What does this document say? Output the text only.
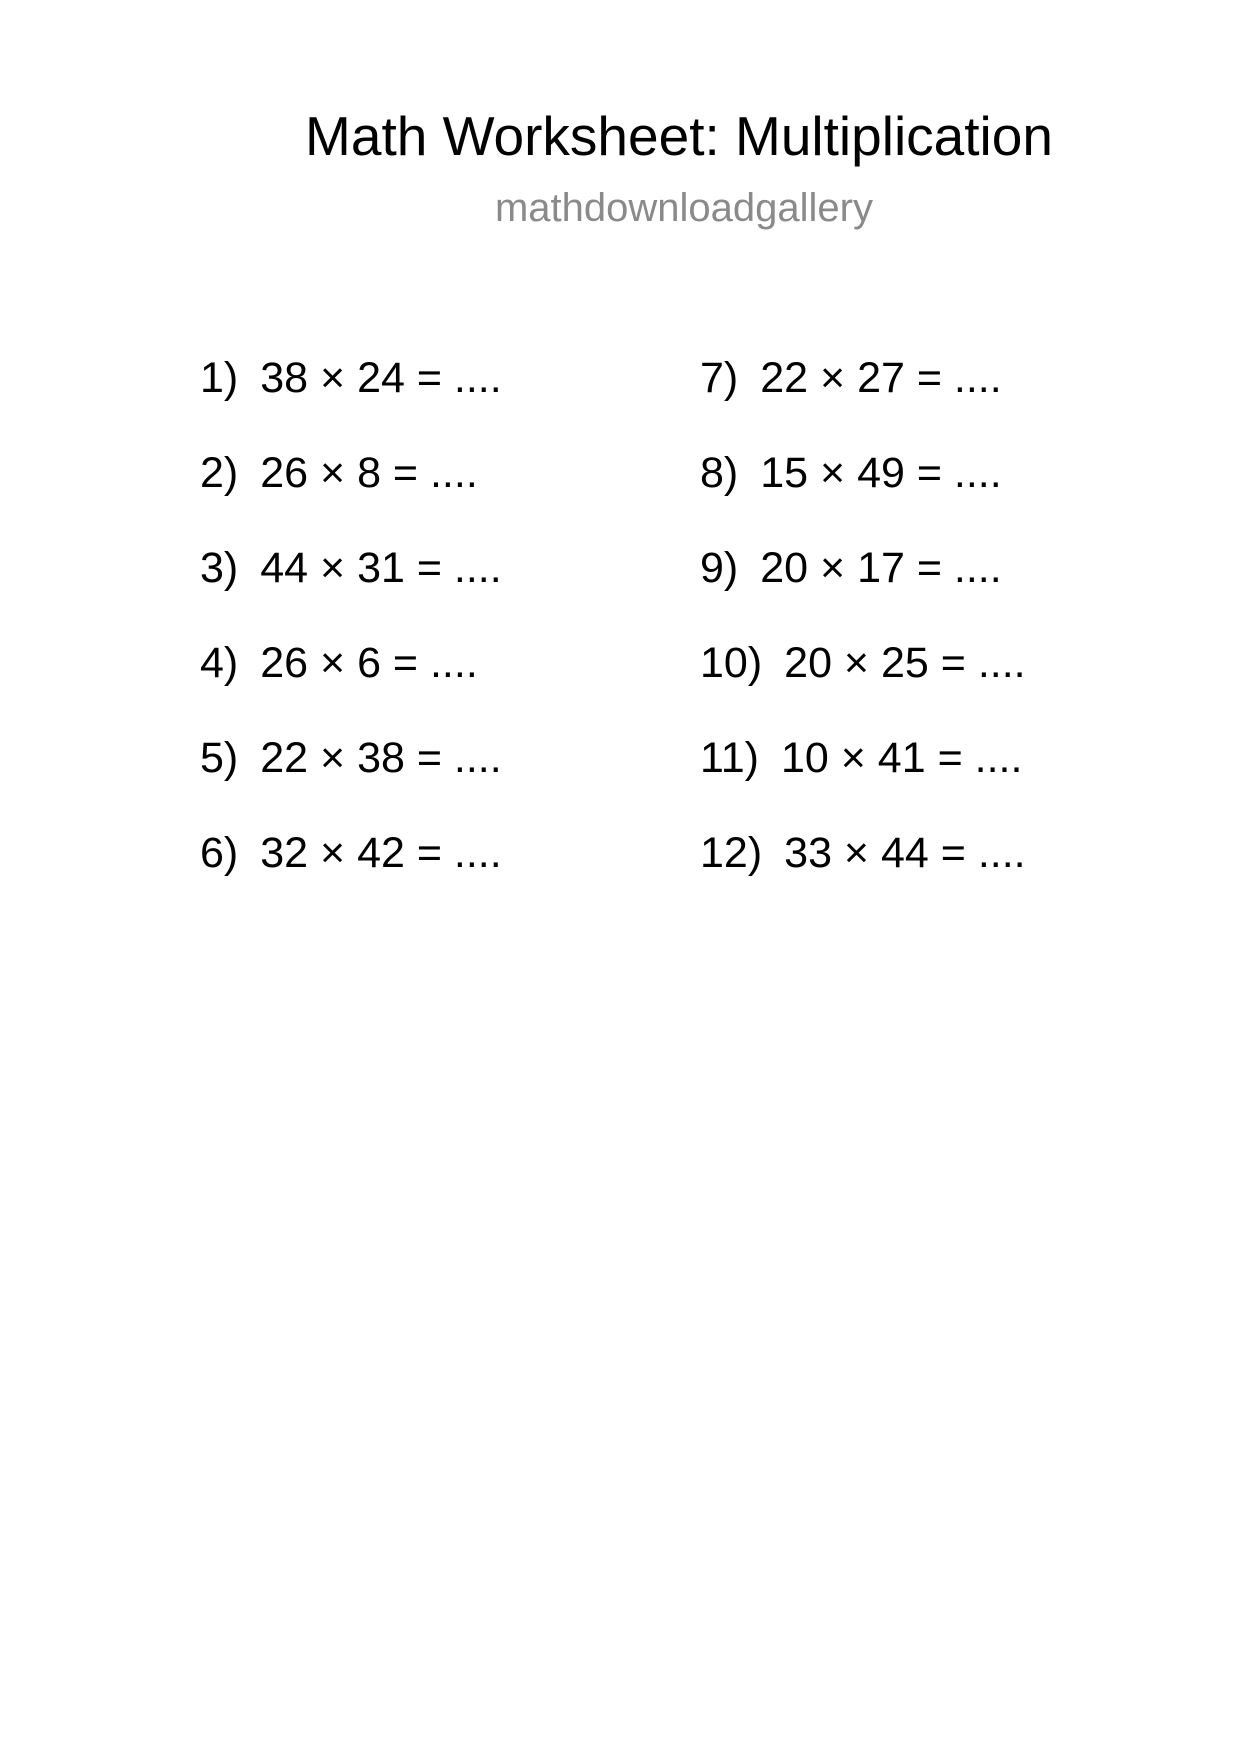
Math Worksheet: Multiplication
mathdownloadgallery
1) 38 × 24 = ....
2) 26 × 8 = ....
3) 44 × 31 = ....
4) 26 × 6 = ....
5) 22 × 38 = ....
6) 32 × 42 = ....
7) 22 × 27 = ....
8) 15 × 49 = ....
9) 20 × 17 = ....
10) 20 × 25 = ....
11) 10 × 41 = ....
12) 33 × 44 = ....
